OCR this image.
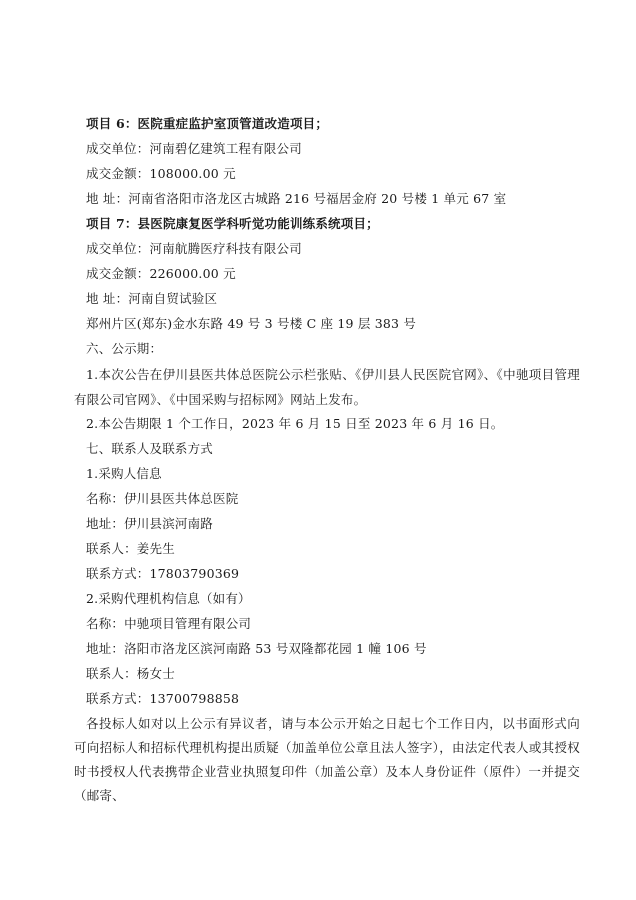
项目 6：医院重症监护室顶管道改造项目；
成交单位：河南碧亿建筑工程有限公司
成交金额：108000.00 元
地 址：河南省洛阳市洛龙区古城路 216 号福居金府 20 号楼 1 单元 67 室
项目 7：县医院康复医学科听觉功能训练系统项目；
成交单位：河南航腾医疗科技有限公司
成交金额：226000.00 元
地 址：河南自贸试验区
郑州片区(郑东)金水东路 49 号 3 号楼 C 座 19 层 383 号
六、公示期：
1.本次公告在伊川县医共体总医院公示栏张贴、《伊川县人民医院官网》、《中驰项目管理有限公司官网》、《中国采购与招标网》网站上发布。
2.本公告期限 1 个工作日，2023 年 6 月 15 日至 2023 年 6 月 16 日。
七、联系人及联系方式
1.采购人信息
名称：伊川县医共体总医院
地址：伊川县滨河南路
联系人：姜先生
联系方式：17803790369
2.采购代理机构信息（如有）
名称：中驰项目管理有限公司
地址：洛阳市洛龙区滨河南路 53 号双隆都花园 1 幢 106 号
联系人：杨女士
联系方式：13700798858
各投标人如对以上公示有异议者，请与本公示开始之日起七个工作日内，以书面形式向可向招标人和招标代理机构提出质疑（加盖单位公章且法人签字），由法定代表人或其授权时书授权人代表携带企业营业执照复印件（加盖公章）及本人身份证件（原件）一并提交（邮寄、
